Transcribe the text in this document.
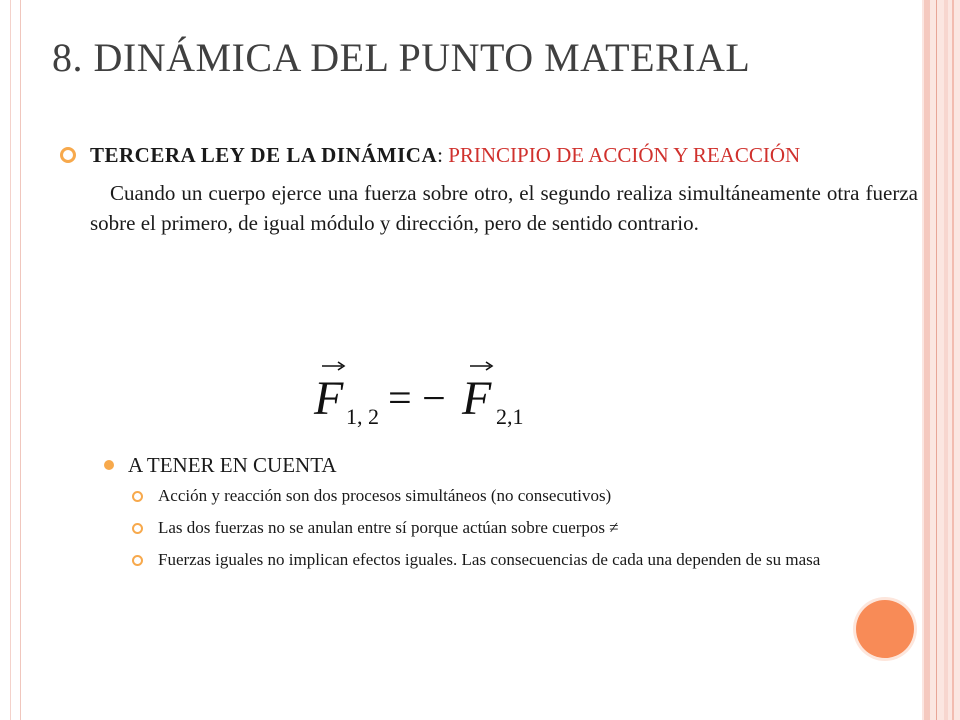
8. DINÁMICA DEL PUNTO MATERIAL
TERCERA LEY DE LA DINÁMICA: PRINCIPIO DE ACCIÓN Y REACCIÓN
Cuando un cuerpo ejerce una fuerza sobre otro, el segundo realiza simultáneamente otra fuerza sobre el primero, de igual módulo y dirección, pero de sentido contrario.
F 1, 2 = − F 2,1
A TENER EN CUENTA
Acción y reacción son dos procesos simultáneos (no consecutivos)
Las dos fuerzas no se anulan entre sí porque actúan sobre cuerpos ≠
Fuerzas iguales no implican efectos iguales. Las consecuencias de cada una dependen de su masa
